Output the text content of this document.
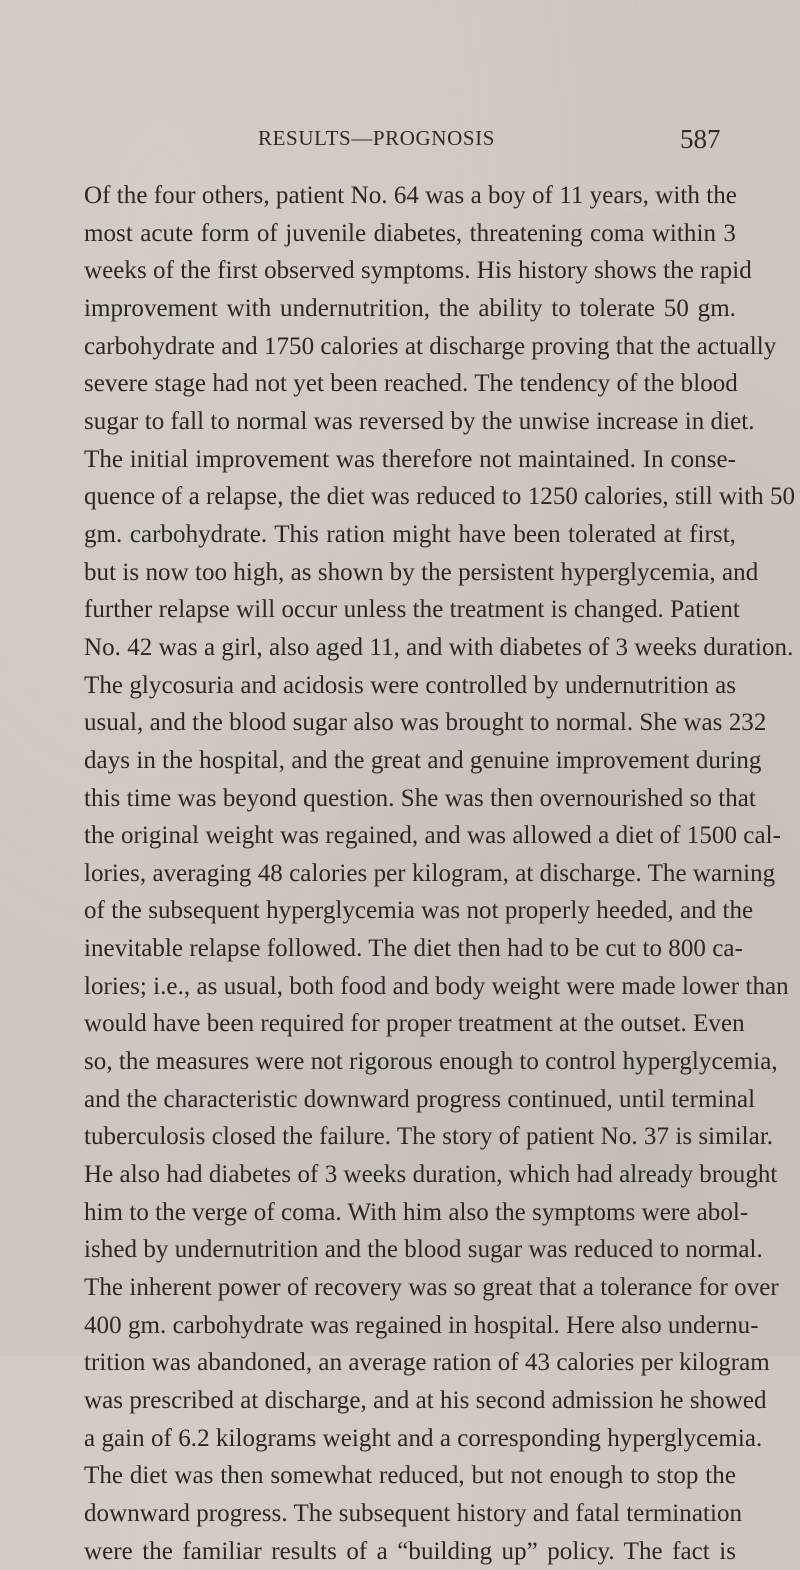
RESULTS—PROGNOSIS	587
Of the four others, patient No. 64 was a boy of 11 years, with the
most acute form of juvenile diabetes, threatening coma within 3
weeks of the first observed symptoms. His history shows the rapid
improvement with undernutrition, the ability to tolerate 50 gm.
carbohydrate and 1750 calories at discharge proving that the actually
severe stage had not yet been reached. The tendency of the blood
sugar to fall to normal was reversed by the unwise increase in diet.
The initial improvement was therefore not maintained. In conse-
quence of a relapse, the diet was reduced to 1250 calories, still with 50
gm. carbohydrate. This ration might have been tolerated at first,
but is now too high, as shown by the persistent hyperglycemia, and
further relapse will occur unless the treatment is changed. Patient
No. 42 was a girl, also aged 11, and with diabetes of 3 weeks duration.
The glycosuria and acidosis were controlled by undernutrition as
usual, and the blood sugar also was brought to normal. She was 232
days in the hospital, and the great and genuine improvement during
this time was beyond question. She was then overnourished so that
the original weight was regained, and was allowed a diet of 1500 cal-
lories, averaging 48 calories per kilogram, at discharge. The warning
of the subsequent hyperglycemia was not properly heeded, and the
inevitable relapse followed. The diet then had to be cut to 800 ca-
lories; i.e., as usual, both food and body weight were made lower than
would have been required for proper treatment at the outset. Even
so, the measures were not rigorous enough to control hyperglycemia,
and the characteristic downward progress continued, until terminal
tuberculosis closed the failure. The story of patient No. 37 is similar.
He also had diabetes of 3 weeks duration, which had already brought
him to the verge of coma. With him also the symptoms were abol-
ished by undernutrition and the blood sugar was reduced to normal.
The inherent power of recovery was so great that a tolerance for over
400 gm. carbohydrate was regained in hospital. Here also undernu-
trition was abandoned, an average ration of 43 calories per kilogram
was prescribed at discharge, and at his second admission he showed
a gain of 6.2 kilograms weight and a corresponding hyperglycemia.
The diet was then somewhat reduced, but not enough to stop the
downward progress. The subsequent history and fatal termination
were the familiar results of a “building up” policy. The fact is
